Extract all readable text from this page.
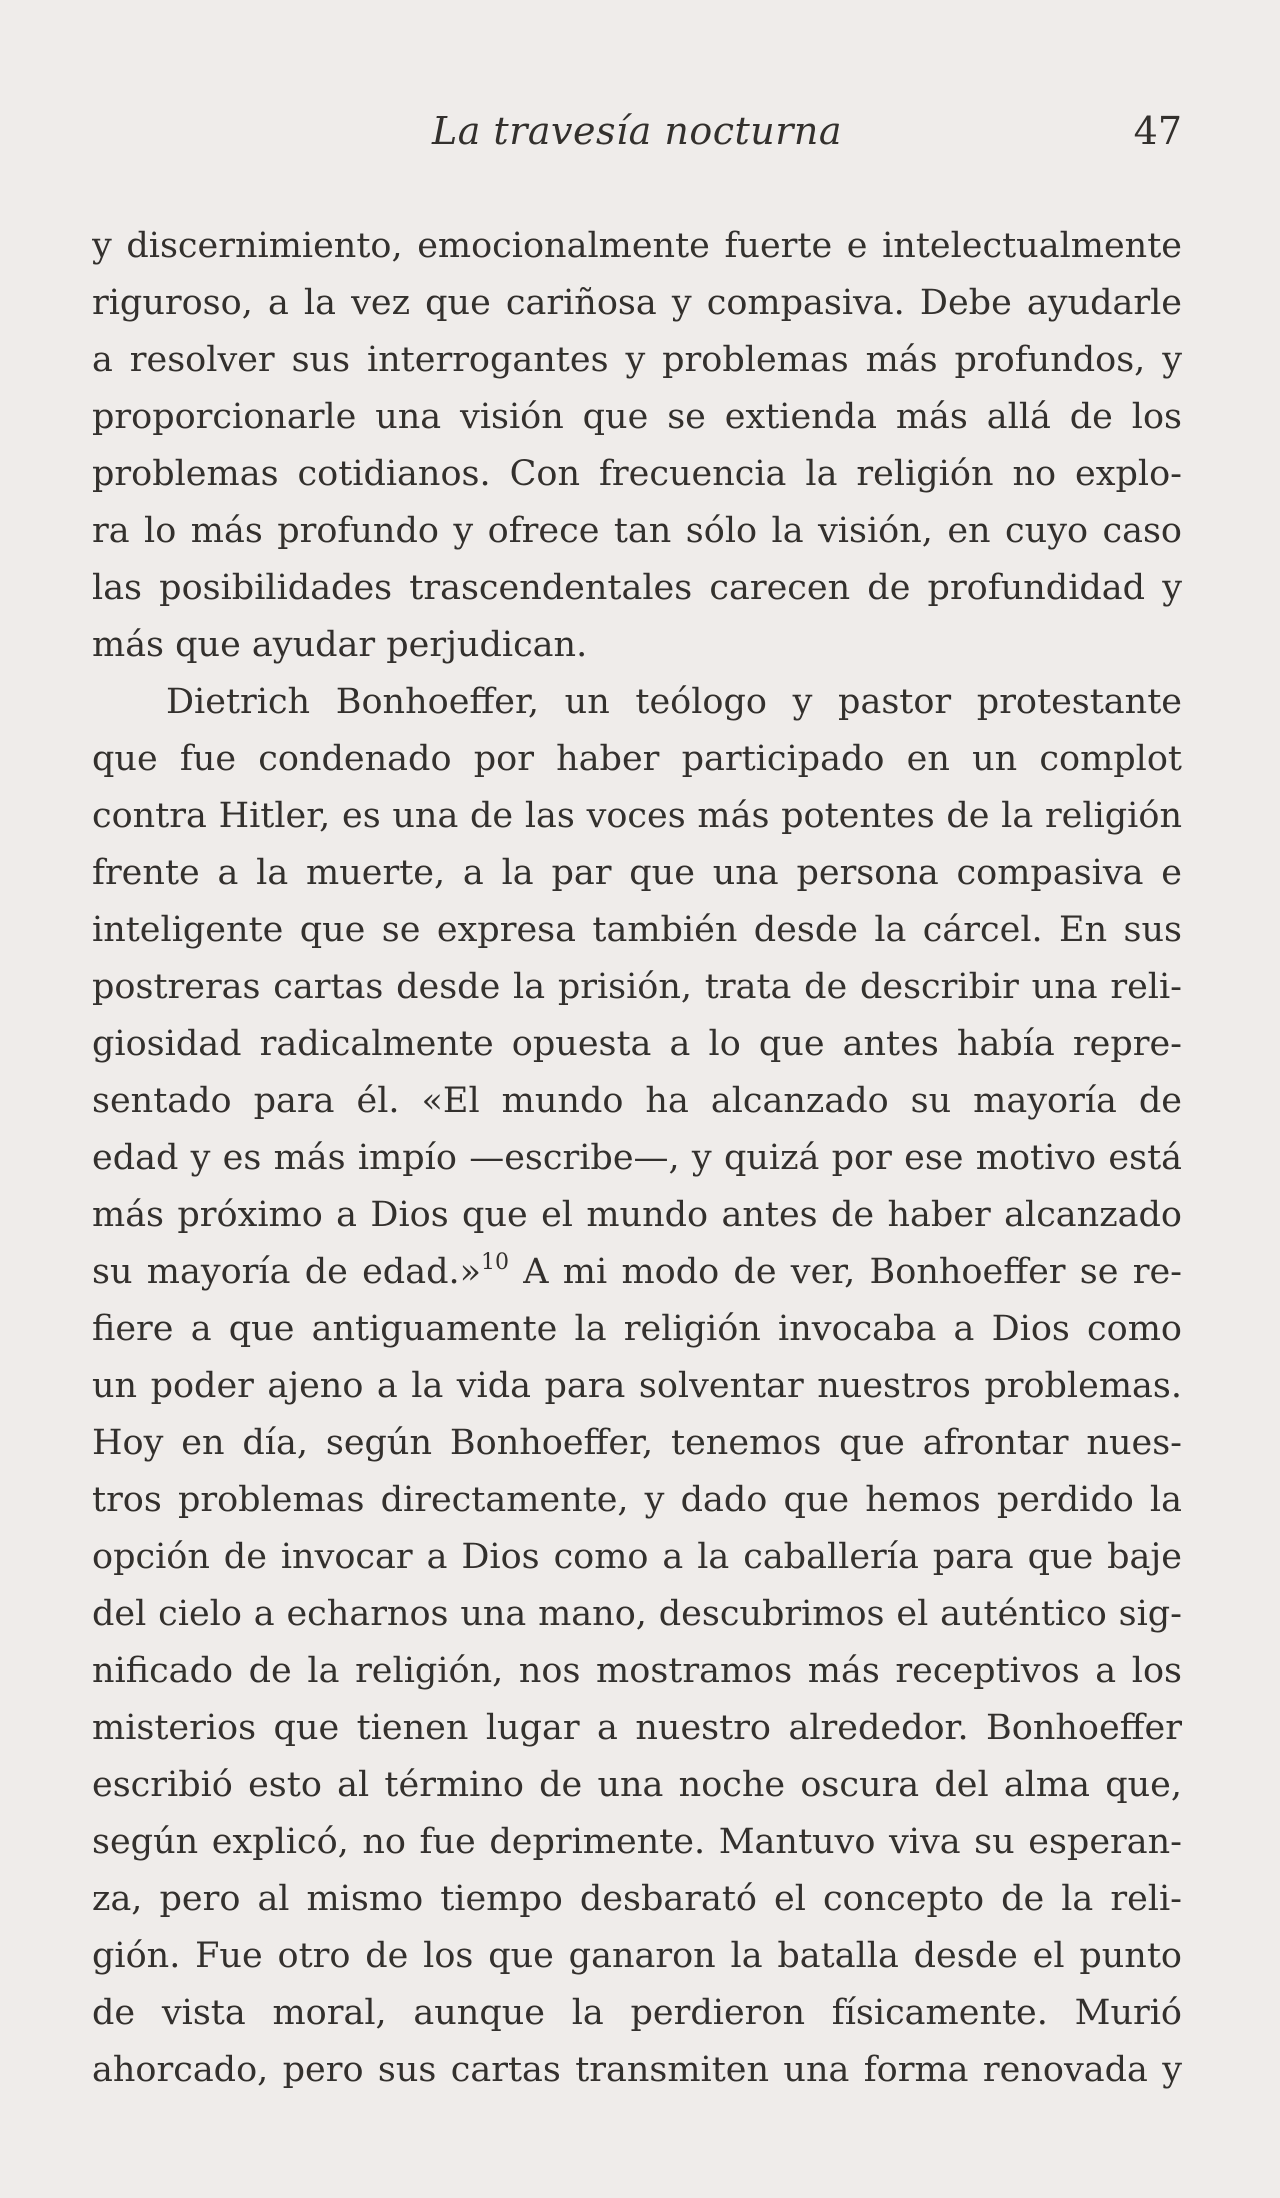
La travesía nocturna	47
y discernimiento, emocionalmente fuerte e intelectualmente
riguroso, a la vez que cariñosa y compasiva. Debe ayudarle
a resolver sus interrogantes y problemas más profundos, y
proporcionarle una visión que se extienda más allá de los
problemas cotidianos. Con frecuencia la religión no explo-
ra lo más profundo y ofrece tan sólo la visión, en cuyo caso
las posibilidades trascendentales carecen de profundidad y
más que ayudar perjudican.
Dietrich Bonhoeffer, un teólogo y pastor protestante
que fue condenado por haber participado en un complot
contra Hitler, es una de las voces más potentes de la religión
frente a la muerte, a la par que una persona compasiva e
inteligente que se expresa también desde la cárcel. En sus
postreras cartas desde la prisión, trata de describir una reli-
giosidad radicalmente opuesta a lo que antes había repre-
sentado para él. «El mundo ha alcanzado su mayoría de
edad y es más impío —escribe—, y quizá por ese motivo está
más próximo a Dios que el mundo antes de haber alcanzado
su mayoría de edad.»$^{10}$ A mi modo de ver, Bonhoeffer se re-
fiere a que antiguamente la religión invocaba a Dios como
un poder ajeno a la vida para solventar nuestros problemas.
Hoy en día, según Bonhoeffer, tenemos que afrontar nues-
tros problemas directamente, y dado que hemos perdido la
opción de invocar a Dios como a la caballería para que baje
del cielo a echarnos una mano, descubrimos el auténtico sig-
nificado de la religión, nos mostramos más receptivos a los
misterios que tienen lugar a nuestro alrededor. Bonhoeffer
escribió esto al término de una noche oscura del alma que,
según explicó, no fue deprimente. Mantuvo viva su esperan-
za, pero al mismo tiempo desbarató el concepto de la reli-
gión. Fue otro de los que ganaron la batalla desde el punto
de vista moral, aunque la perdieron físicamente. Murió
ahorcado, pero sus cartas transmiten una forma renovada y
